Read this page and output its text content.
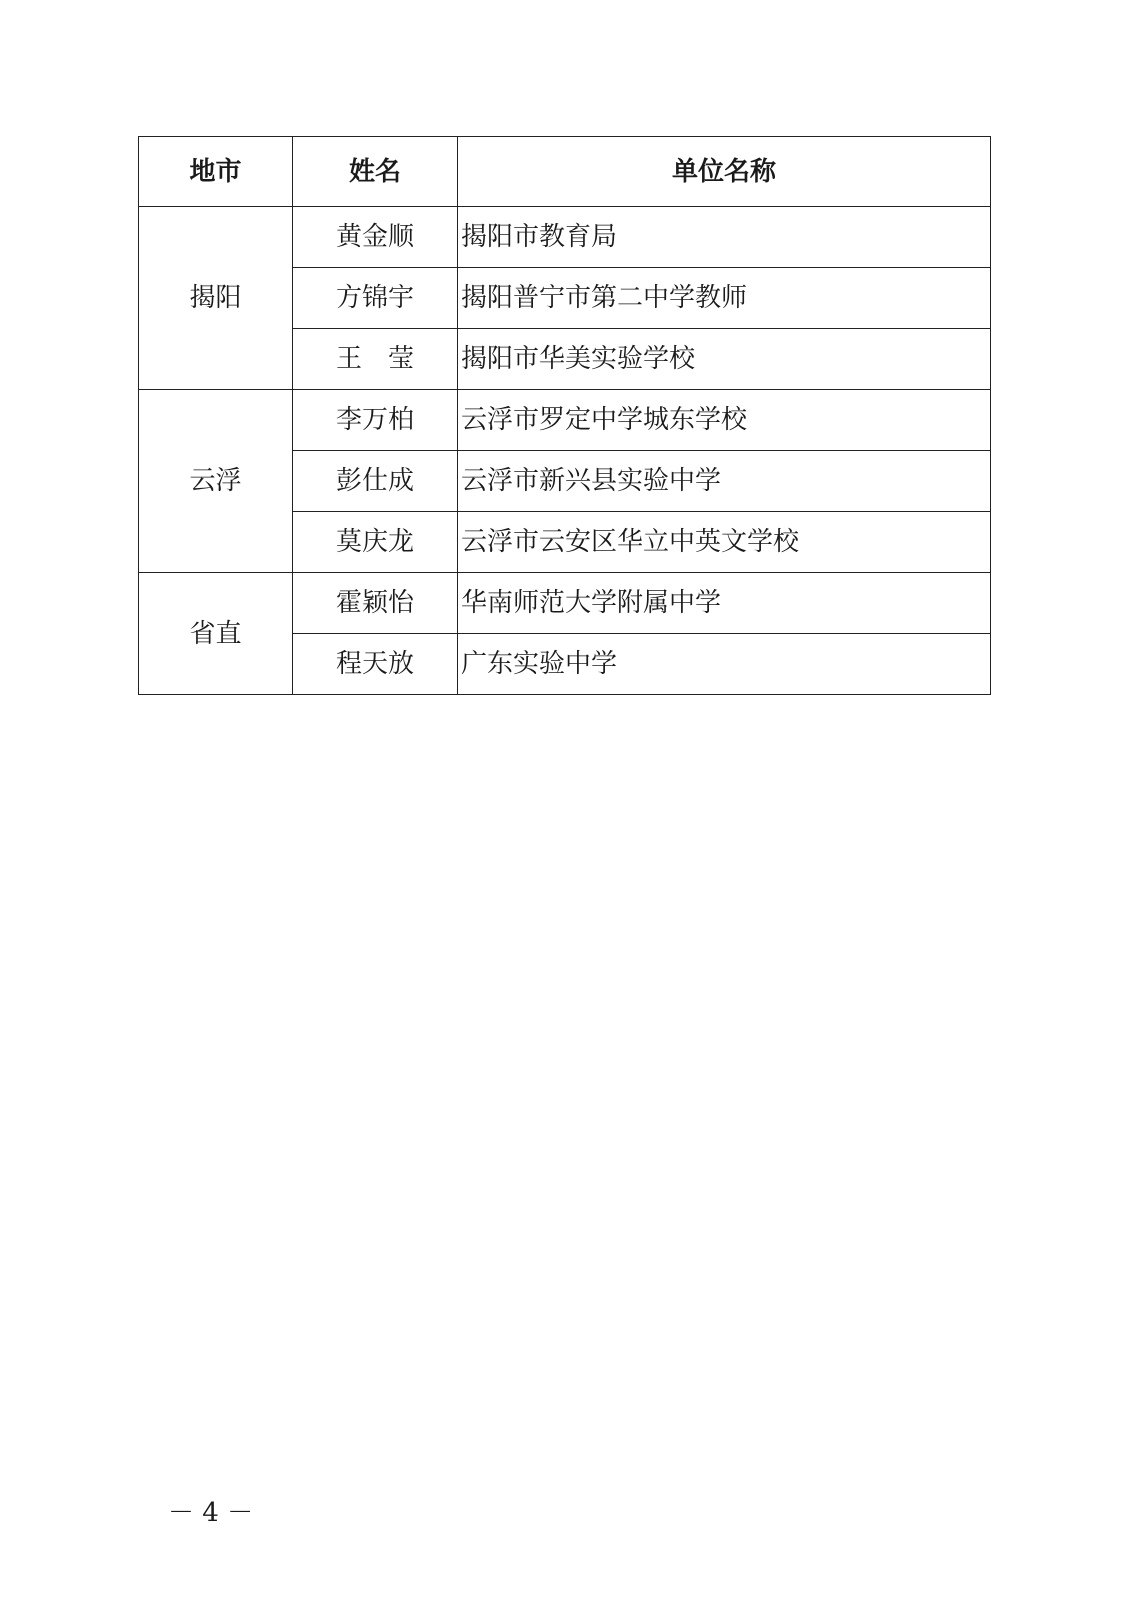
地市	姓名	单位名称
揭阳	黄金顺	揭阳市教育局
	方锦宇	揭阳普宁市第二中学教师
	王　莹	揭阳市华美实验学校
云浮	李万柏	云浮市罗定中学城东学校
	彭仕成	云浮市新兴县实验中学
	莫庆龙	云浮市云安区华立中英文学校
省直	霍颖怡	华南师范大学附属中学
	程天放	广东实验中学
－ 4 －
